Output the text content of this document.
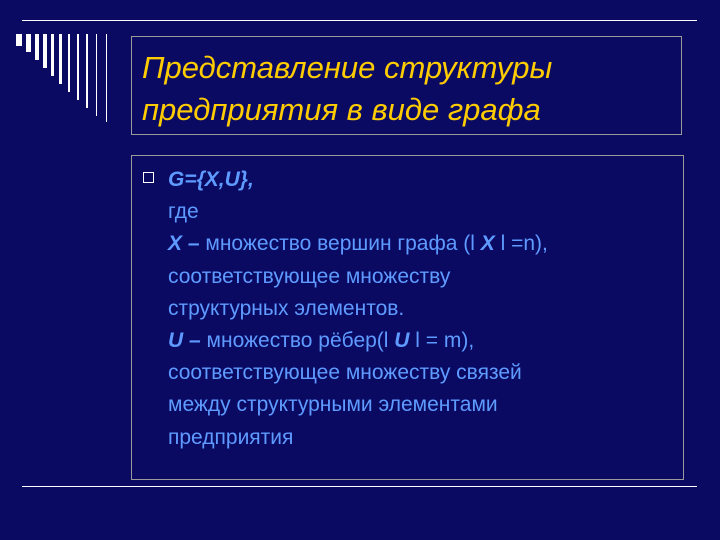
Представление структуры
предприятия в виде графа
G={X,U},
где
X – множество вершин графа (l X l =n),
соответствующее множеству
структурных элементов.
U – множество рёбер(l U l = m),
соответствующее множеству связей
между структурными элементами
предприятия
